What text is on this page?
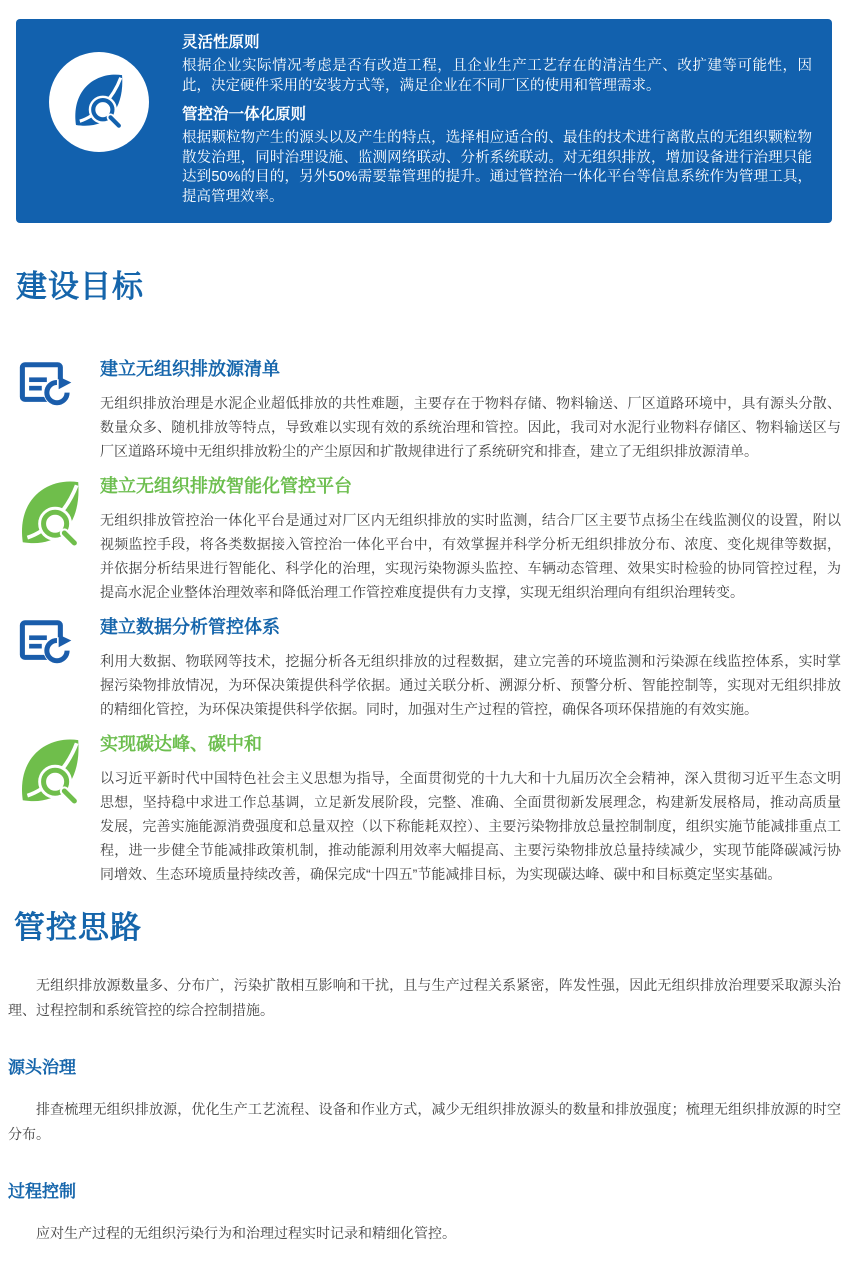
灵活性原则

根据企业实际情况考虑是否有改造工程，且企业生产工艺存在的清洁生产、改扩建等可能性，因此，决定硬件采用的安装方式等，满足企业在不同厂区的使用和管理需求。

管控治一体化原则

根据颗粒物产生的源头以及产生的特点，选择相应适合的、最佳的技术进行离散点的无组织颗粒物散发治理，同时治理设施、监测网络联动、分析系统联动。对无组织排放，增加设备进行治理只能达到50%的目的，另外50%需要靠管理的提升。通过管控治一体化平台等信息系统作为管理工具，提高管理效率。

建设目标
建立无组织排放源清单

无组织排放治理是水泥企业超低排放的共性难题，主要存在于物料存储、物料输送、厂区道路环境中，具有源头分散、数量众多、随机排放等特点，导致难以实现有效的系统治理和管控。因此，我司对水泥行业物料存储区、物料输送区与厂区道路环境中无组织排放粉尘的产尘原因和扩散规律进行了系统研究和排查，建立了无组织排放源清单。

建立无组织排放智能化管控平台

无组织排放管控治一体化平台是通过对厂区内无组织排放的实时监测，结合厂区主要节点扬尘在线监测仪的设置，附以视频监控手段，将各类数据接入管控治一体化平台中，有效掌握并科学分析无组织排放分布、浓度、变化规律等数据，并依据分析结果进行智能化、科学化的治理，实现污染物源头监控、车辆动态管理、效果实时检验的协同管控过程，为提高水泥企业整体治理效率和降低治理工作管控难度提供有力支撑，实现无组织治理向有组织治理转变。

建立数据分析管控体系

利用大数据、物联网等技术，挖掘分析各无组织排放的过程数据，建立完善的环境监测和污染源在线监控体系，实时掌握污染物排放情况，为环保决策提供科学依据。通过关联分析、溯源分析、预警分析、智能控制等，实现对无组织排放的精细化管控，为环保决策提供科学依据。同时，加强对生产过程的管控，确保各项环保措施的有效实施。

实现碳达峰、碳中和

以习近平新时代中国特色社会主义思想为指导，全面贯彻党的十九大和十九届历次全会精神，深入贯彻习近平生态文明思想，坚持稳中求进工作总基调，立足新发展阶段，完整、准确、全面贯彻新发展理念，构建新发展格局，推动高质量发展，完善实施能源消费强度和总量双控（以下称能耗双控）、主要污染物排放总量控制制度，组织实施节能减排重点工程，进一步健全节能减排政策机制，推动能源利用效率大幅提高、主要污染物排放总量持续减少，实现节能降碳减污协同增效、生态环境质量持续改善，确保完成“十四五”节能减排目标，为实现碳达峰、碳中和目标奠定坚实基础。

管控思路

无组织排放源数量多、分布广，污染扩散相互影响和干扰，且与生产过程关系紧密，阵发性强，因此无组织排放治理要采取源头治理、过程控制和系统管控的综合控制措施。

源头治理

排查梳理无组织排放源，优化生产工艺流程、设备和作业方式，减少无组织排放源头的数量和排放强度；梳理无组织排放源的时空分布。

过程控制

应对生产过程的无组织污染行为和治理过程实时记录和精细化管控。
